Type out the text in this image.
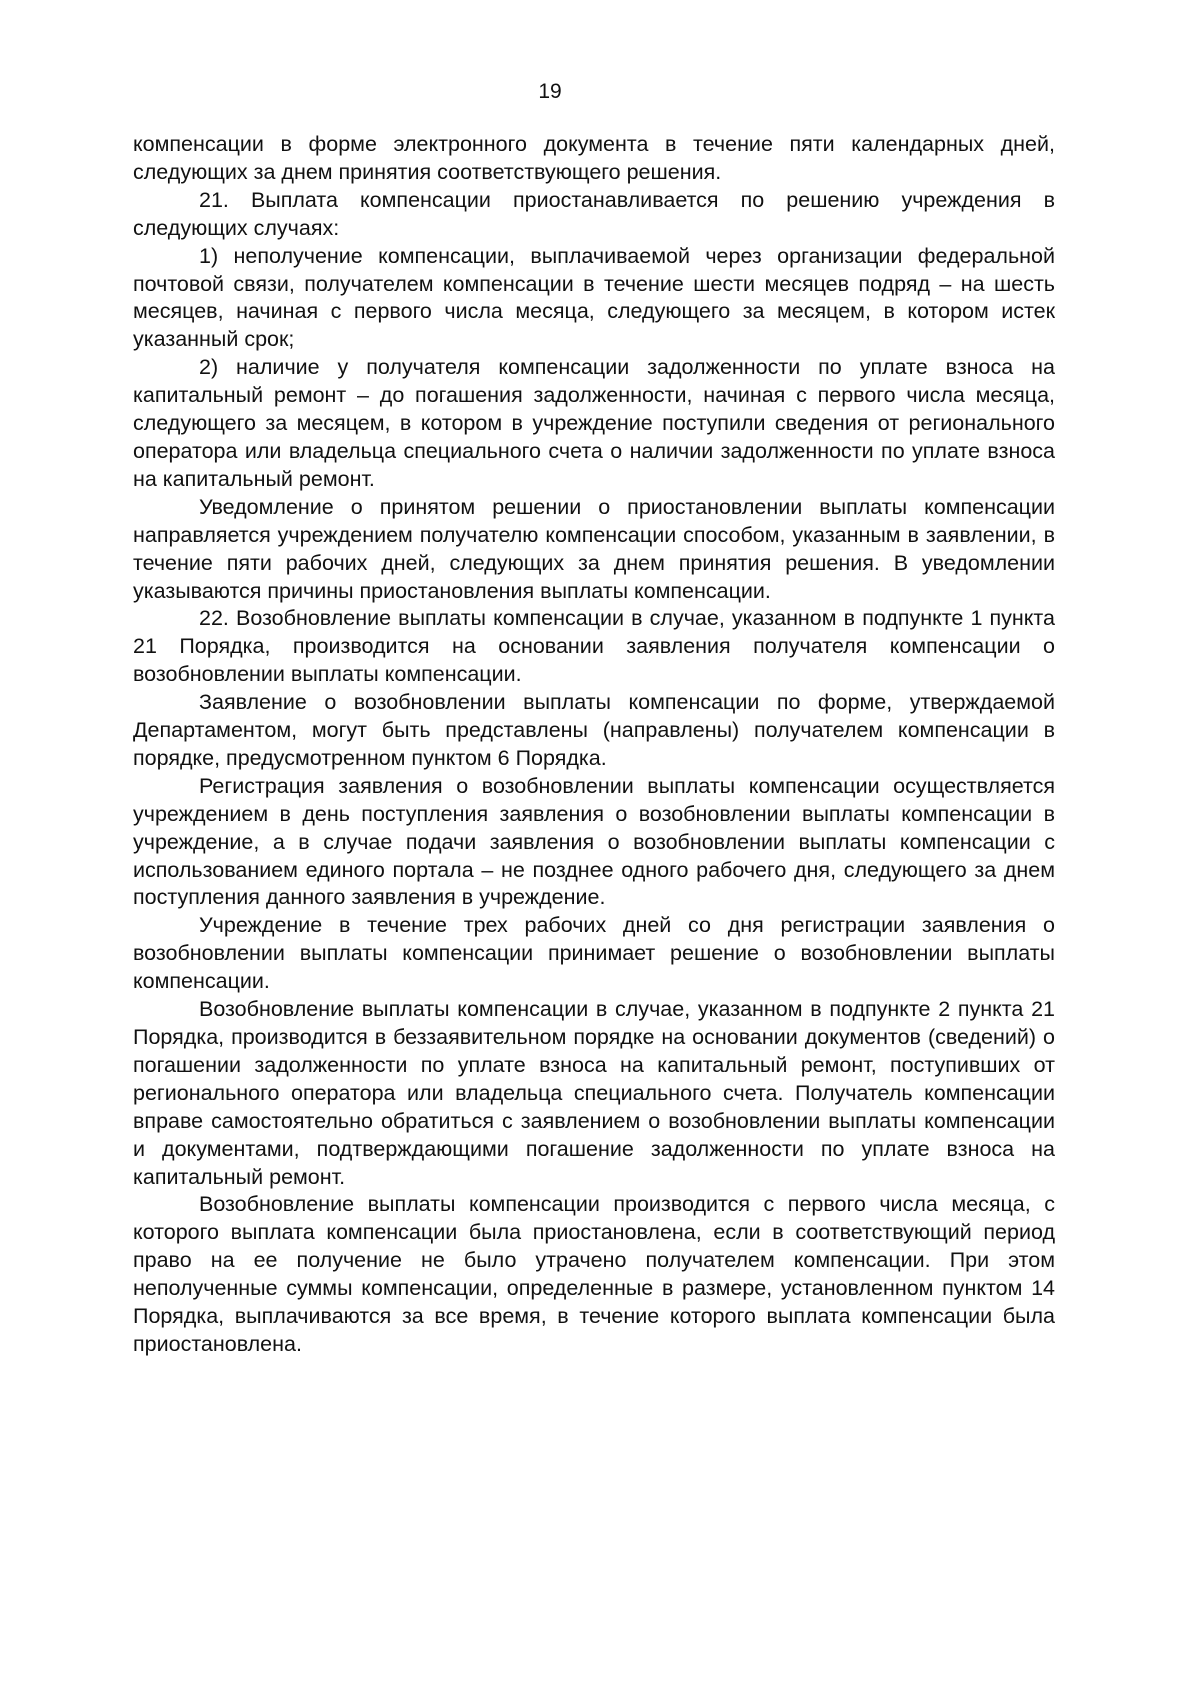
19

компенсации в форме электронного документа в течение пяти календарных дней, следующих за днем принятия соответствующего решения.

21. Выплата компенсации приостанавливается по решению учреждения в следующих случаях:

1) неполучение компенсации, выплачиваемой через организации федеральной почтовой связи, получателем компенсации в течение шести месяцев подряд – на шесть месяцев, начиная с первого числа месяца, следующего за месяцем, в котором истек указанный срок;

2) наличие у получателя компенсации задолженности по уплате взноса на капитальный ремонт – до погашения задолженности, начиная с первого числа месяца, следующего за месяцем, в котором в учреждение поступили сведения от регионального оператора или владельца специального счета о наличии задолженности по уплате взноса на капитальный ремонт.

Уведомление о принятом решении о приостановлении выплаты компенсации направляется учреждением получателю компенсации способом, указанным в заявлении, в течение пяти рабочих дней, следующих за днем принятия решения. В уведомлении указываются причины приостановления выплаты компенсации.

22. Возобновление выплаты компенсации в случае, указанном в подпункте 1 пункта 21 Порядка, производится на основании заявления получателя компенсации о возобновлении выплаты компенсации.

Заявление о возобновлении выплаты компенсации по форме, утверждаемой Департаментом, могут быть представлены (направлены) получателем компенсации в порядке, предусмотренном пунктом 6 Порядка.

Регистрация заявления о возобновлении выплаты компенсации осуществляется учреждением в день поступления заявления о возобновлении выплаты компенсации в учреждение, а в случае подачи заявления о возобновлении выплаты компенсации с использованием единого портала – не позднее одного рабочего дня, следующего за днем поступления данного заявления в учреждение.

Учреждение в течение трех рабочих дней со дня регистрации заявления о возобновлении выплаты компенсации принимает решение о возобновлении выплаты компенсации.

Возобновление выплаты компенсации в случае, указанном в подпункте 2 пункта 21 Порядка, производится в беззаявительном порядке на основании документов (сведений) о погашении задолженности по уплате взноса на капитальный ремонт, поступивших от регионального оператора или владельца специального счета. Получатель компенсации вправе самостоятельно обратиться с заявлением о возобновлении выплаты компенсации и документами, подтверждающими погашение задолженности по уплате взноса на капитальный ремонт.

Возобновление выплаты компенсации производится с первого числа месяца, с которого выплата компенсации была приостановлена, если в соответствующий период право на ее получение не было утрачено получателем компенсации. При этом неполученные суммы компенсации, определенные в размере, установленном пунктом 14 Порядка, выплачиваются за все время, в течение которого выплата компенсации была приостановлена.
